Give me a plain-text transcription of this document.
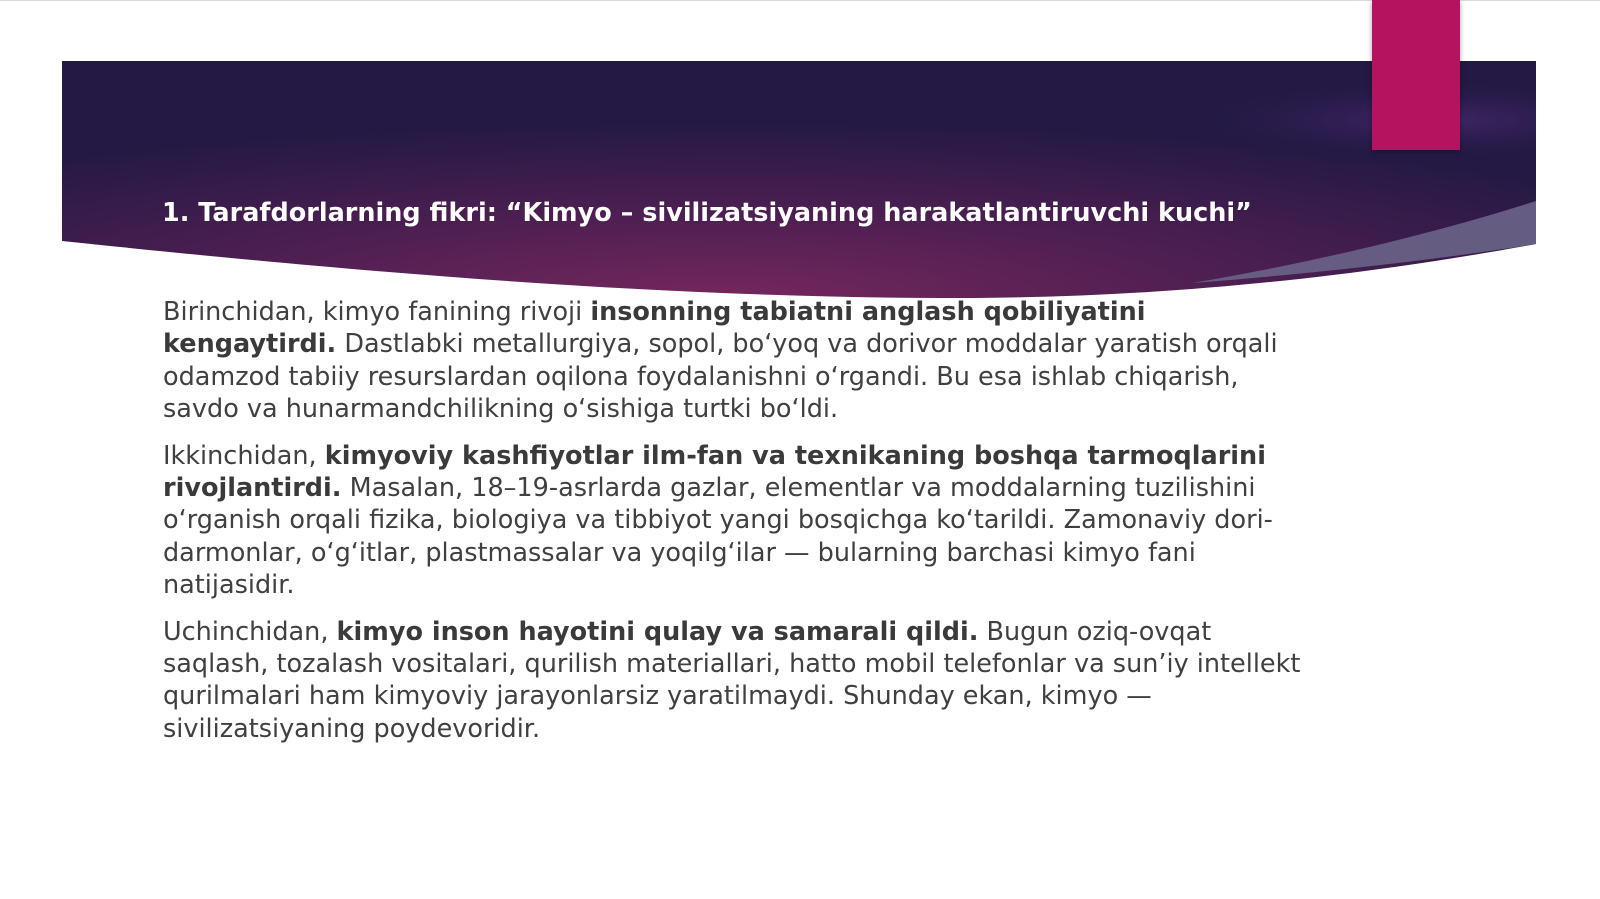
1. Tarafdorlarning fikri: “Kimyo – sivilizatsiyaning harakatlantiruvchi kuchi”

Birinchidan, kimyo fanining rivoji insonning tabiatni anglash qobiliyatini kengaytirdi. Dastlabki metallurgiya, sopol, bo‘yoq va dorivor moddalar yaratish orqali odamzod tabiiy resurslardan oqilona foydalanishni o‘rgandi. Bu esa ishlab chiqarish, savdo va hunarmandchilikning o‘sishiga turtki bo‘ldi.

Ikkinchidan, kimyoviy kashfiyotlar ilm-fan va texnikaning boshqa tarmoqlarini rivojlantirdi. Masalan, 18–19-asrlarda gazlar, elementlar va moddalarning tuzilishini o‘rganish orqali fizika, biologiya va tibbiyot yangi bosqichga ko‘tarildi. Zamonaviy dori-darmonlar, o‘g‘itlar, plastmassalar va yoqilg‘ilar — bularning barchasi kimyo fani natijasidir.

Uchinchidan, kimyo inson hayotini qulay va samarali qildi. Bugun oziq-ovqat saqlash, tozalash vositalari, qurilish materiallari, hatto mobil telefonlar va sun’iy intellekt qurilmalari ham kimyoviy jarayonlarsiz yaratilmaydi. Shunday ekan, kimyo — sivilizatsiyaning poydevoridir.
